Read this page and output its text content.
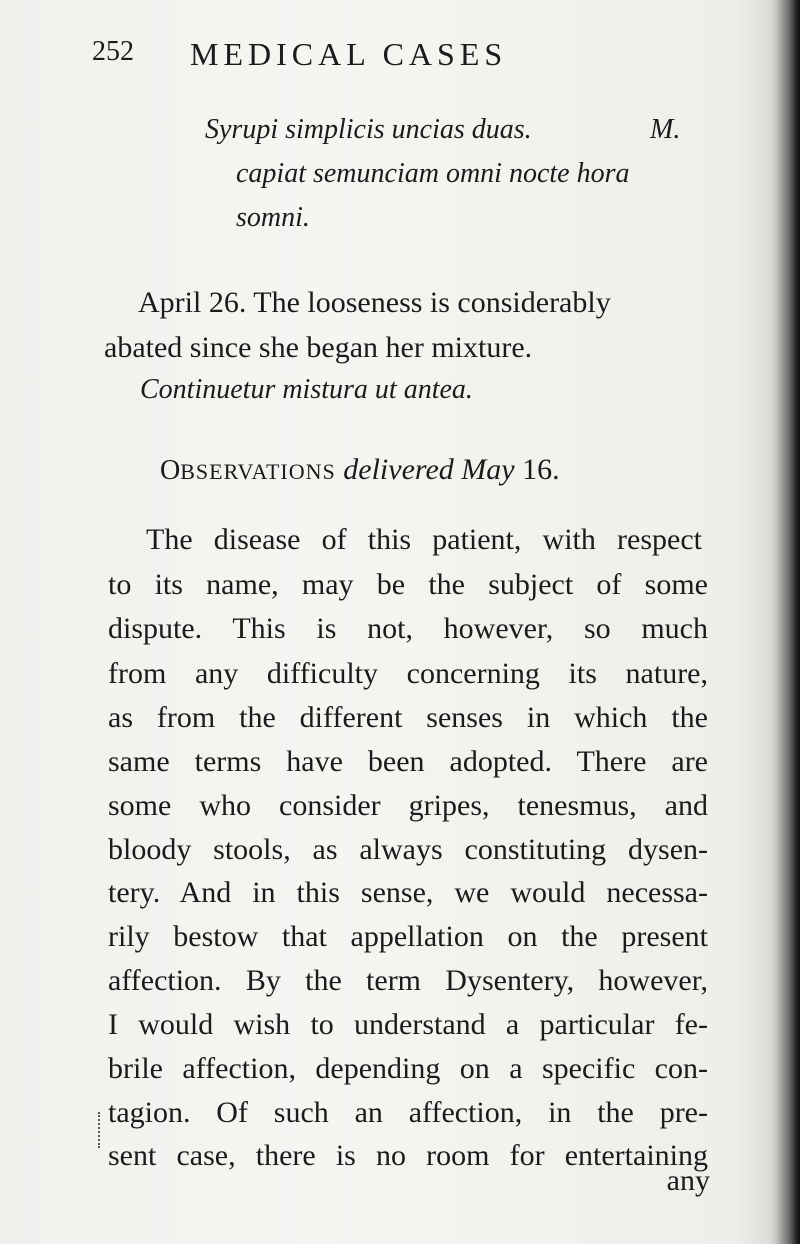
252 MEDICAL CASES
Syrupi simplicis uncias duas.	M.
capiat semunciam omni nocte hora
somni.
April 26. The looseness is considerably
abated since she began her mixture.
Continuetur mistura ut antea.
OBSERVATIONS delivered May 16.
The disease of this patient, with respect
to its name, may be the subject of some
dispute. This is not, however, so much
from any difficulty concerning its nature,
as from the different senses in which the
same terms have been adopted. There are
some who consider gripes, tenesmus, and
bloody stools, as always constituting dysen-
tery. And in this sense, we would necessa-
rily bestow that appellation on the present
affection. By the term Dysentery, however,
I would wish to understand a particular fe-
brile affection, depending on a specific con-
tagion. Of such an affection, in the pre-
sent case, there is no room for entertaining
any
